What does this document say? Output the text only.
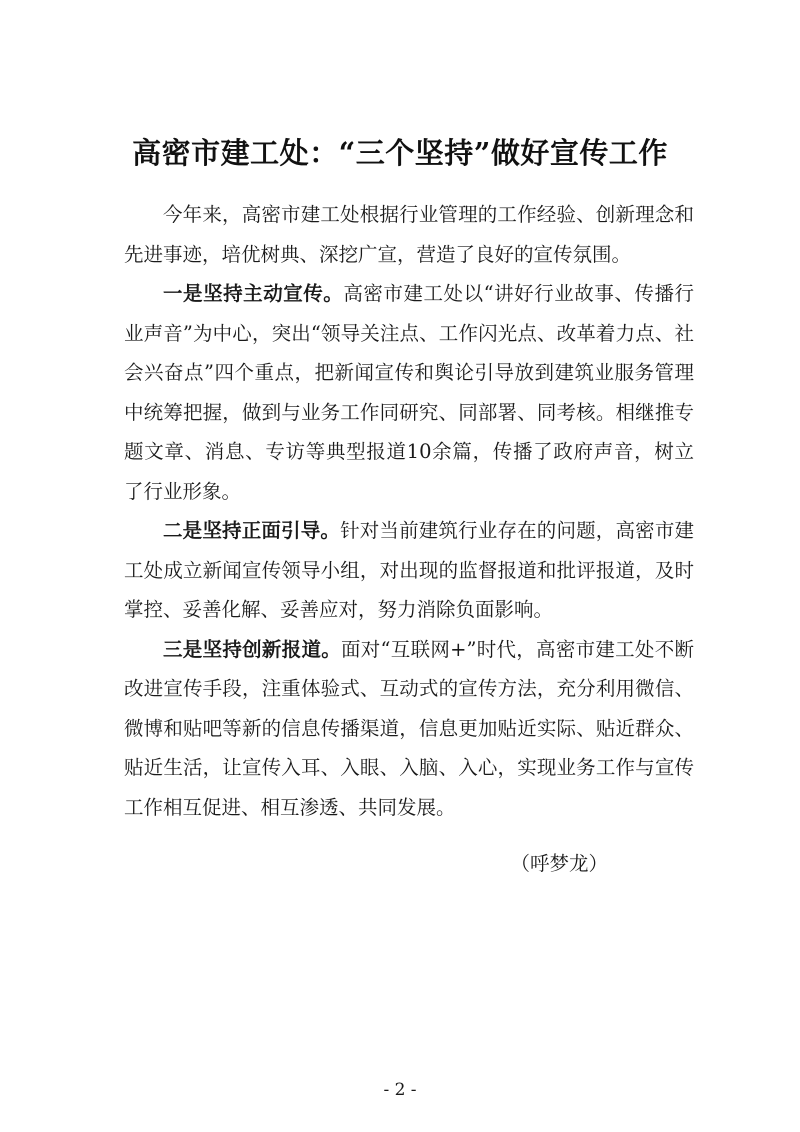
高密市建工处：“三个坚持”做好宣传工作

今年来，高密市建工处根据行业管理的工作经验、创新理念和先进事迹，培优树典、深挖广宣，营造了良好的宣传氛围。

一是坚持主动宣传。高密市建工处以“讲好行业故事、传播行业声音”为中心，突出“领导关注点、工作闪光点、改革着力点、社会兴奋点”四个重点，把新闻宣传和舆论引导放到建筑业服务管理中统筹把握，做到与业务工作同研究、同部署、同考核。相继推专题文章、消息、专访等典型报道10余篇，传播了政府声音，树立了行业形象。

二是坚持正面引导。针对当前建筑行业存在的问题，高密市建工处成立新闻宣传领导小组，对出现的监督报道和批评报道，及时掌控、妥善化解、妥善应对，努力消除负面影响。

三是坚持创新报道。面对“互联网+”时代，高密市建工处不断改进宣传手段，注重体验式、互动式的宣传方法，充分利用微信、微博和贴吧等新的信息传播渠道，信息更加贴近实际、贴近群众、贴近生活，让宣传入耳、入眼、入脑、入心，实现业务工作与宣传工作相互促进、相互渗透、共同发展。

（呼梦龙）
- 2 -
